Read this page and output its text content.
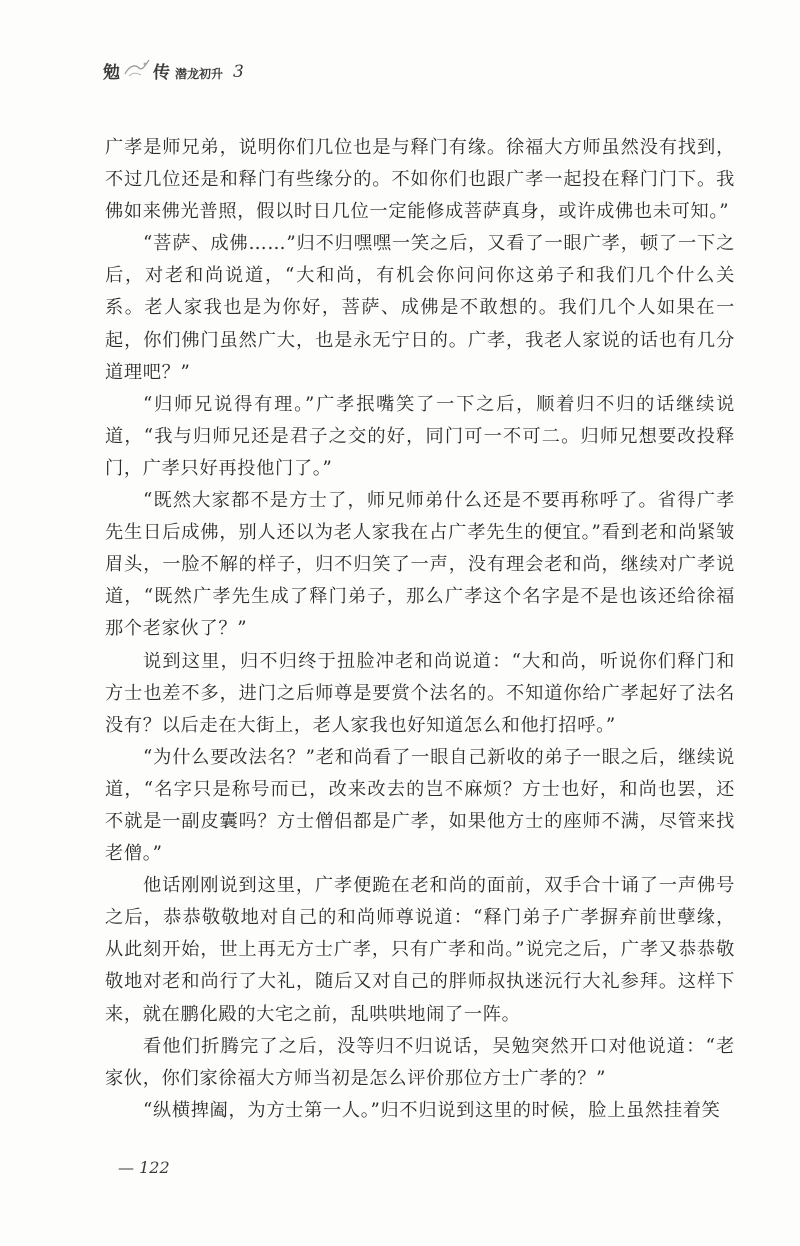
勉 传 潜龙初升 3

广孝是师兄弟，说明你们几位也是与释门有缘。徐福大方师虽然没有找到，不过几位还是和释门有些缘分的。不如你们也跟广孝一起投在释门门下。我佛如来佛光普照，假以时日几位一定能修成菩萨真身，或许成佛也未可知。”

“菩萨、成佛……”归不归嘿嘿一笑之后，又看了一眼广孝，顿了一下之后，对老和尚说道，“大和尚，有机会你问问你这弟子和我们几个什么关系。老人家我也是为你好，菩萨、成佛是不敢想的。我们几个人如果在一起，你们佛门虽然广大，也是永无宁日的。广孝，我老人家说的话也有几分道理吧？”

“归师兄说得有理。”广孝抿嘴笑了一下之后，顺着归不归的话继续说道，“我与归师兄还是君子之交的好，同门可一不可二。归师兄想要改投释门，广孝只好再投他门了。”

“既然大家都不是方士了，师兄师弟什么还是不要再称呼了。省得广孝先生日后成佛，别人还以为老人家我在占广孝先生的便宜。”看到老和尚紧皱眉头，一脸不解的样子，归不归笑了一声，没有理会老和尚，继续对广孝说道，“既然广孝先生成了释门弟子，那么广孝这个名字是不是也该还给徐福那个老家伙了？”

说到这里，归不归终于扭脸冲老和尚说道：“大和尚，听说你们释门和方士也差不多，进门之后师尊是要赏个法名的。不知道你给广孝起好了法名没有？以后走在大街上，老人家我也好知道怎么和他打招呼。”

“为什么要改法名？”老和尚看了一眼自己新收的弟子一眼之后，继续说道，“名字只是称号而已，改来改去的岂不麻烦？方士也好，和尚也罢，还不就是一副皮囊吗？方士僧侣都是广孝，如果他方士的座师不满，尽管来找老僧。”

他话刚刚说到这里，广孝便跪在老和尚的面前，双手合十诵了一声佛号之后，恭恭敬敬地对自己的和尚师尊说道：“释门弟子广孝摒弃前世孽缘，从此刻开始，世上再无方士广孝，只有广孝和尚。”说完之后，广孝又恭恭敬敬地对老和尚行了大礼，随后又对自己的胖师叔执迷沅行大礼参拜。这样下来，就在鹏化殿的大宅之前，乱哄哄地闹了一阵。

看他们折腾完了之后，没等归不归说话，吴勉突然开口对他说道：“老家伙，你们家徐福大方师当初是怎么评价那位方士广孝的？”

“纵横捭阖，为方士第一人。”归不归说到这里的时候，脸上虽然挂着笑

— 122
